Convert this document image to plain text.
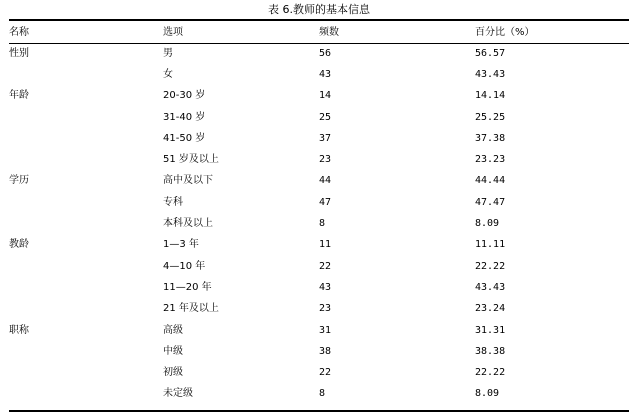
表 6.教师的基本信息
名称	选项	频数	百分比（%）
性别	男	56	56.57
	女	43	43.43
年龄	20-30 岁	14	14.14
	31-40 岁	25	25.25
	41-50 岁	37	37.38
	51 岁及以上	23	23.23
学历	高中及以下	44	44.44
	专科	47	47.47
	本科及以上	8	8.09
教龄	1—3 年	11	11.11
	4—10 年	22	22.22
	11—20 年	43	43.43
	21 年及以上	23	23.24
职称	高级	31	31.31
	中级	38	38.38
	初级	22	22.22
	未定级	8	8.09
